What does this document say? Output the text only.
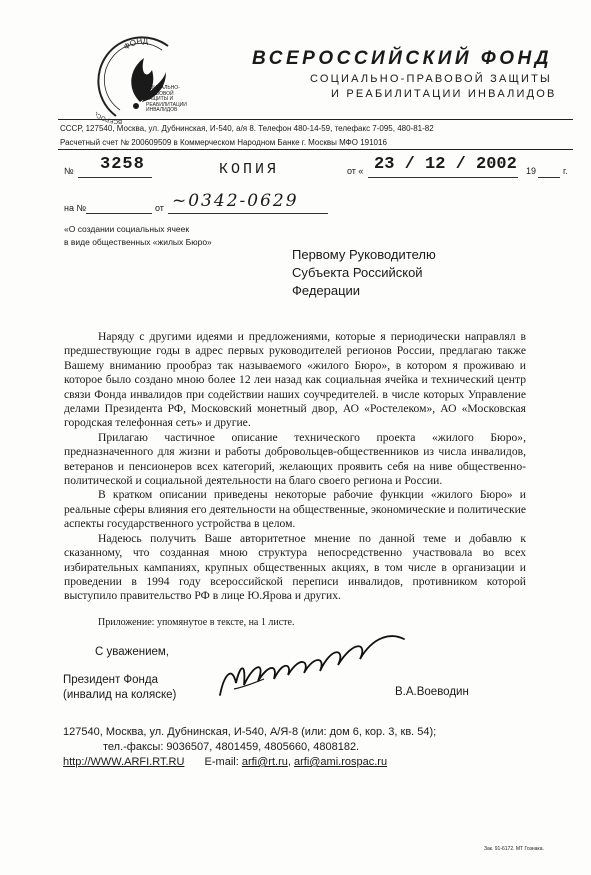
ФОНД
ВСЕРОС
СОЦИАЛЬНО-ПРАВОВОЙ ЗАЩИТЫ И РЕАБИЛИТАЦИИ ИНВАЛИДОВ
ВСЕРОССИЙСКИЙ ФОНД
СОЦИАЛЬНО-ПРАВОВОЙ ЗАЩИТЫ
И РЕАБИЛИТАЦИИ ИНВАЛИДОВ
СССР, 127540, Москва, ул. Дубнинская, И-540, а/я 8. Телефон 480-14-59, телефакс 7-095, 480-81-82
Расчетный счет № 200609509 в Коммерческом Народном Банке г. Москвы МФО 191016
№ 3258	КОПИЯ	от « 23 / 12 / 2002 19	г.
на №	от ~0342-0629
«О создании социальных ячеек
в виде общественных «жилых Бюро»
Первому Руководителю
Субъекта Российской
Федерации

Наряду с другими идеями и предложениями, которые я периодически направлял в предшествующие годы в адрес первых руководителей регионов России, предлагаю также Вашему вниманию прообраз так называемого «жилого Бюро», в котором я проживаю и которое было создано мною более 12 леи назад как социальная ячейка и технический центр связи Фонда инвалидов при содействии наших соучредителей. в числе которых Управление делами Президента РФ, Московский монетный двор, АО «Ростелеком», АО «Московская городская телефонная сеть» и другие.

Прилагаю частичное описание технического проекта «жилого Бюро», предназначенного для жизни и работы добровольцев-общественников из числа инвалидов, ветеранов и пенсионеров всех категорий, желающих проявить себя на ниве общественно-политической и социальной деятельности на благо своего региона и России.

В кратком описании приведены некоторые рабочие функции «жилого Бюро» и реальные сферы влияния его деятельности на общественные, экономические и политические аспекты государственного устройства в целом.

Надеюсь получить Ваше авторитетное мнение по данной теме и добавлю к сказанному, что созданная мною структура непосредственно участвовала во всех избирательных кампаниях, крупных общественных акциях, в том числе в организации и проведении в 1994 году всероссийской переписи инвалидов, противником которой выступило правительство РФ в лице Ю.Ярова и других.

Приложение: упомянутое в тексте, на 1 листе.
С уважением,
Президент Фонда
(инвалид на коляске)	В.А.Воеводин
127540, Москва, ул. Дубнинская, И-540, А/Я-8 (или: дом 6, кор. 3, кв. 54);
тел.-факсы: 9036507, 4801459, 4805660, 4808182.
http://WWW.ARFI.RT.RU E-mail: arfi@rt.ru, arfi@ami.rospac.ru
Зак. 91-6172. МТ Гознака.
